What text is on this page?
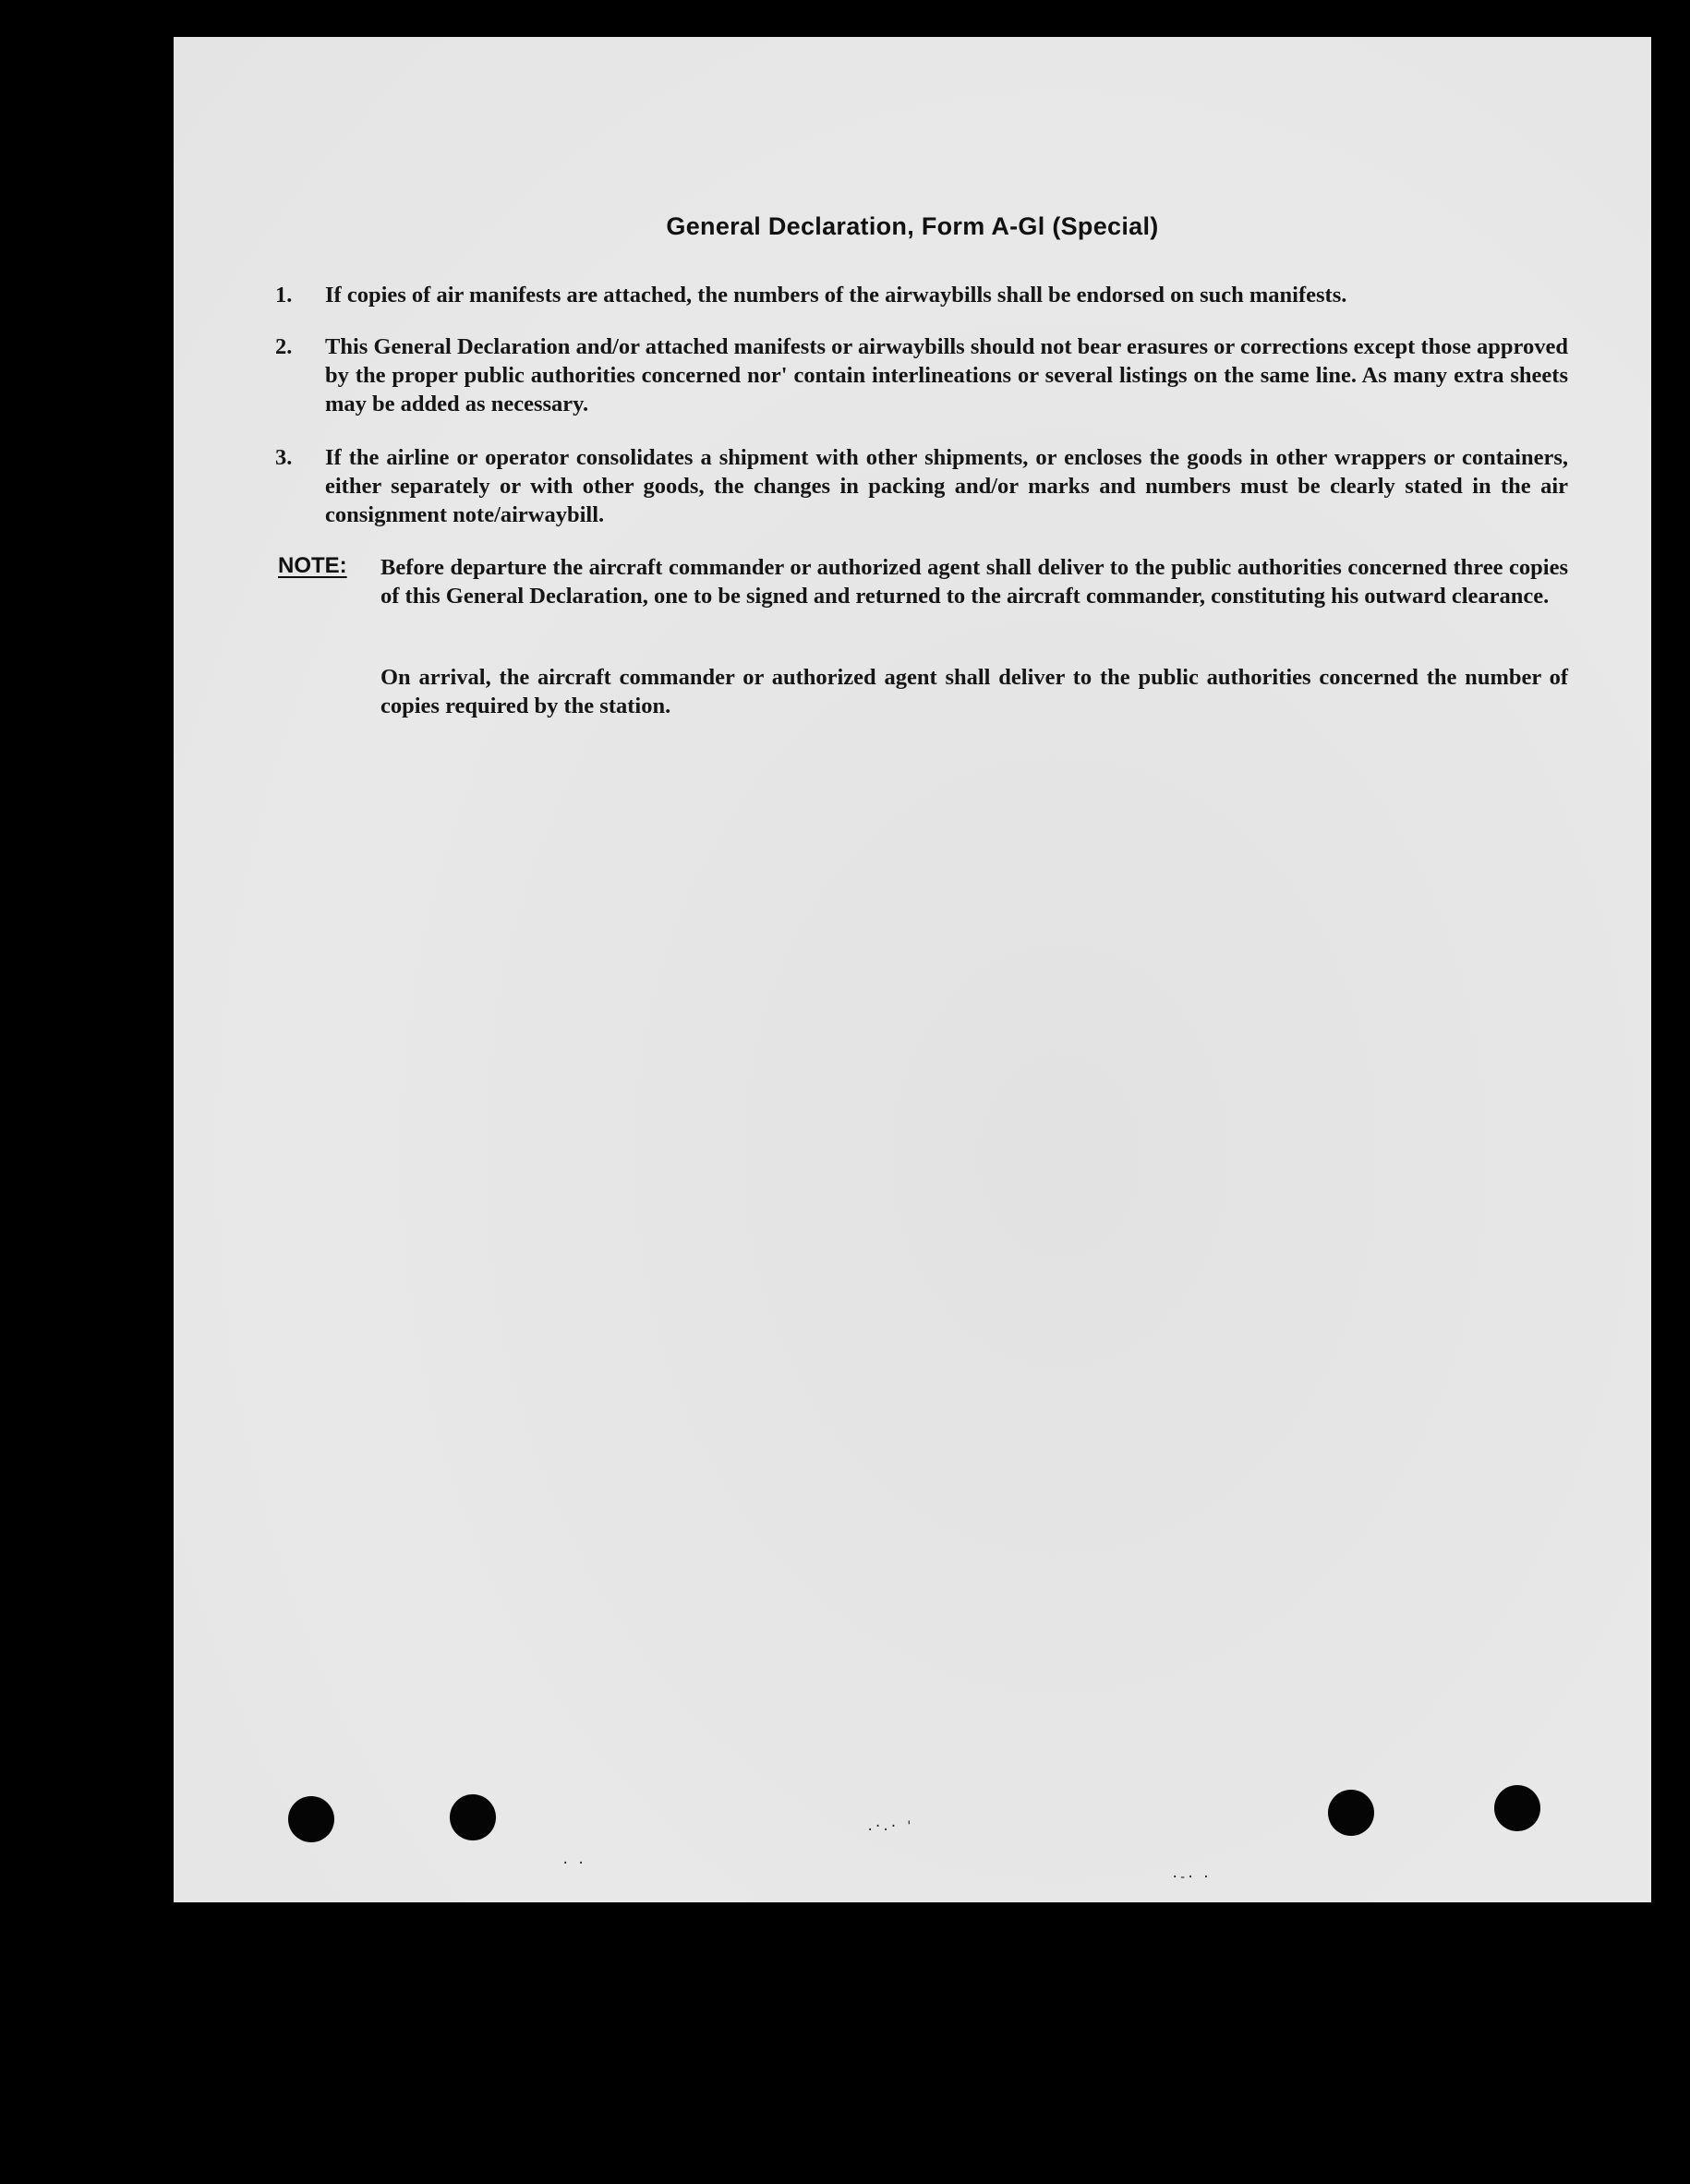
General Declaration, Form A-Gl (Special)
1.	If copies of air manifests are attached, the numbers of the airwaybills shall be endorsed on such manifests.
2.	This General Declaration and/or attached manifests or airwaybills should not bear erasures or corrections except those approved by the proper public authorities concerned nor' contain interlineations or several listings on the same line. As many extra sheets may be added as necessary.
3.	If the airline or operator consolidates a shipment with other shipments, or encloses the goods in other wrappers or containers, either separately or with other goods, the changes in packing and/or marks and numbers must be clearly stated in the air consignment note/airwaybill.
NOTE: Before departure the aircraft commander or authorized agent shall deliver to the public authorities concerned three copies of this General Declaration, one to be signed and returned to the aircraft commander, constituting his outward clearance.
On arrival, the aircraft commander or authorized agent shall deliver to the public authorities concerned the number of copies required by the station.
· ·
.·.· '
·-· ·
